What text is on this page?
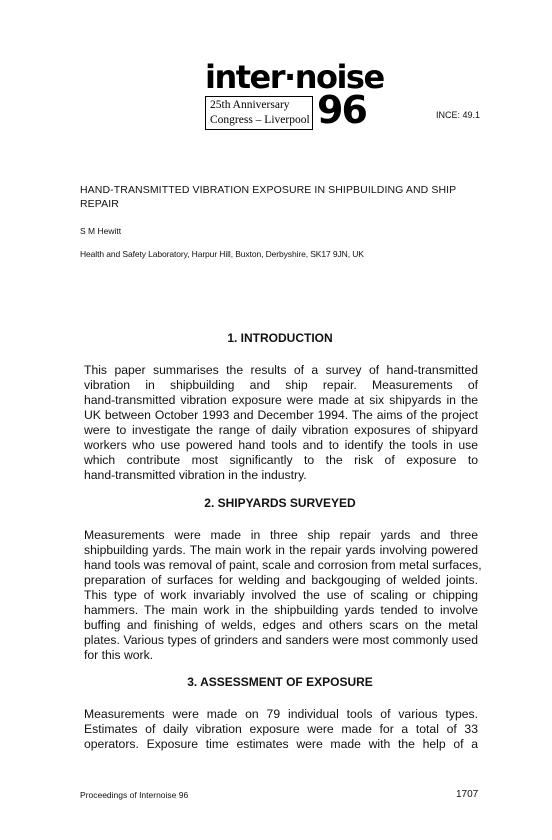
inter·noise
25th Anniversary
Congress – Liverpool 96	INCE: 49.1
HAND-TRANSMITTED VIBRATION EXPOSURE IN SHIPBUILDING AND SHIP REPAIR
S M Hewitt
Health and Safety Laboratory, Harpur Hill, Buxton, Derbyshire, SK17 9JN, UK
1. INTRODUCTION
This paper summarises the results of a survey of hand-transmitted
vibration in shipbuilding and ship repair. Measurements of
hand-transmitted vibration exposure were made at six shipyards in the
UK between October 1993 and December 1994. The aims of the project
were to investigate the range of daily vibration exposures of shipyard
workers who use powered hand tools and to identify the tools in use
which contribute most significantly to the risk of exposure to
hand-transmitted vibration in the industry.
2. SHIPYARDS SURVEYED
Measurements were made in three ship repair yards and three
shipbuilding yards. The main work in the repair yards involving powered
hand tools was removal of paint, scale and corrosion from metal surfaces,
preparation of surfaces for welding and backgouging of welded joints.
This type of work invariably involved the use of scaling or chipping
hammers. The main work in the shipbuilding yards tended to involve
buffing and finishing of welds, edges and others scars on the metal
plates. Various types of grinders and sanders were most commonly used
for this work.
3. ASSESSMENT OF EXPOSURE
Measurements were made on 79 individual tools of various types.
Estimates of daily vibration exposure were made for a total of 33
operators. Exposure time estimates were made with the help of a
Proceedings of Internoise 96	1707
